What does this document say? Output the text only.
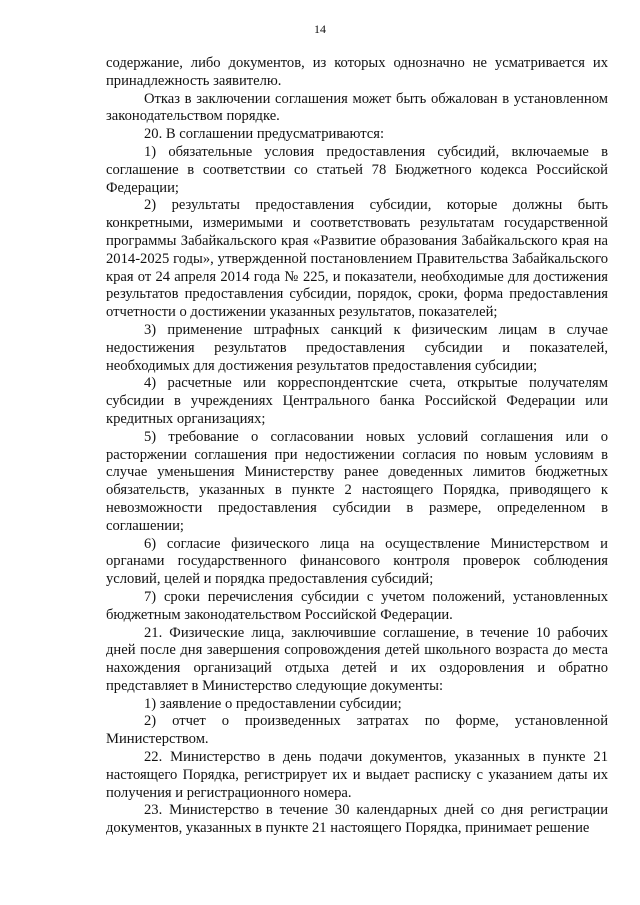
14

содержание, либо документов, из которых однозначно не усматривается их принадлежность заявителю.

Отказ в заключении соглашения может быть обжалован в установленном законодательством порядке.

20. В соглашении предусматриваются:

1) обязательные условия предоставления субсидий, включаемые в соглашение в соответствии со статьей 78 Бюджетного кодекса Российской Федерации;

2) результаты предоставления субсидии, которые должны быть конкретными, измеримыми и соответствовать результатам государственной программы Забайкальского края «Развитие образования Забайкальского края на 2014-2025 годы», утвержденной постановлением Правительства Забайкальского края от 24 апреля 2014 года № 225, и показатели, необходимые для достижения результатов предоставления субсидии, порядок, сроки, форма предоставления отчетности о достижении указанных результатов, показателей;

3) применение штрафных санкций к физическим лицам в случае недостижения результатов предоставления субсидии и показателей, необходимых для достижения результатов предоставления субсидии;

4) расчетные или корреспондентские счета, открытые получателям субсидии в учреждениях Центрального банка Российской Федерации или кредитных организациях;

5) требование о согласовании новых условий соглашения или о расторжении соглашения при недостижении согласия по новым условиям в случае уменьшения Министерству ранее доведенных лимитов бюджетных обязательств, указанных в пункте 2 настоящего Порядка, приводящего к невозможности предоставления субсидии в размере, определенном в соглашении;

6) согласие физического лица на осуществление Министерством и органами государственного финансового контроля проверок соблюдения условий, целей и порядка предоставления субсидий;

7) сроки перечисления субсидии с учетом положений, установленных бюджетным законодательством Российской Федерации.

21. Физические лица, заключившие соглашение, в течение 10 рабочих дней после дня завершения сопровождения детей школьного возраста до места нахождения организаций отдыха детей и их оздоровления и обратно представляет в Министерство следующие документы:

1) заявление о предоставлении субсидии;

2) отчет о произведенных затратах по форме, установленной Министерством.

22. Министерство в день подачи документов, указанных в пункте 21 настоящего Порядка, регистрирует их и выдает расписку с указанием даты их получения и регистрационного номера.

23. Министерство в течение 30 календарных дней со дня регистрации документов, указанных в пункте 21 настоящего Порядка, принимает решение
